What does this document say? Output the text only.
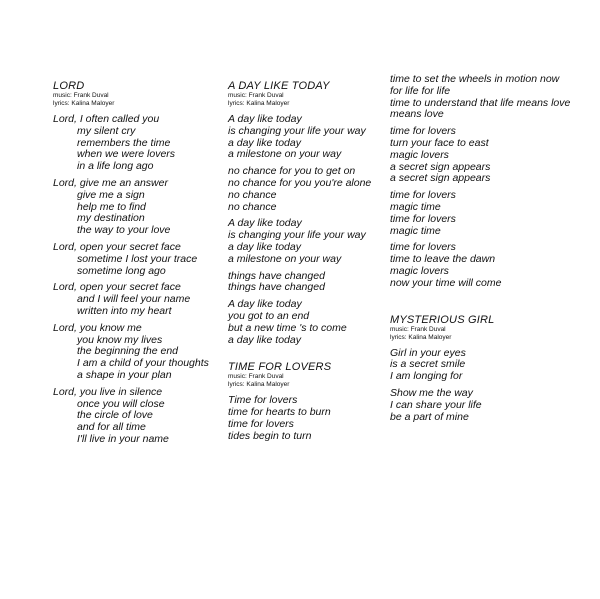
LORD
music: Frank Duval
lyrics: Kalina Maloyer
Lord, I often called you
my silent cry
remembers the time
when we were lovers
in a life long ago
Lord, give me an answer
give me a sign
help me to find
my destination
the way to your love
Lord, open your secret face
sometime I lost your trace
sometime long ago
Lord, open your secret face
and I will feel your name
written into my heart
Lord, you know me
you know my lives
the beginning the end
I am a child of your thoughts
a shape in your plan
Lord, you live in silence
once you will close
the circle of love
and for all time
I'll live in your name
A DAY LIKE TODAY
music: Frank Duval
lyrics: Kalina Maloyer
A day like today
is changing your life your way
a day like today
a milestone on your way
no chance for you to get on
no chance for you you're alone
no chance
no chance
A day like today
is changing your life your way
a day like today
a milestone on your way
things have changed
things have changed
A day like today
you got to an end
but a new time 's to come
a day like today
TIME FOR LOVERS
music: Frank Duval
lyrics: Kalina Maloyer
Time for lovers
time for hearts to burn
time for lovers
tides begin to turn
time to set the wheels in motion now
for life for life
time to understand that life means love
means love
time for lovers
turn your face to east
magic lovers
a secret sign appears
a secret sign appears
time for lovers
magic time
time for lovers
magic time
time for lovers
time to leave the dawn
magic lovers
now your time will come
MYSTERIOUS GIRL
music: Frank Duval
lyrics: Kalina Maloyer
Girl in your eyes
is a secret smile
I am longing for
Show me the way
I can share your life
be a part of mine
